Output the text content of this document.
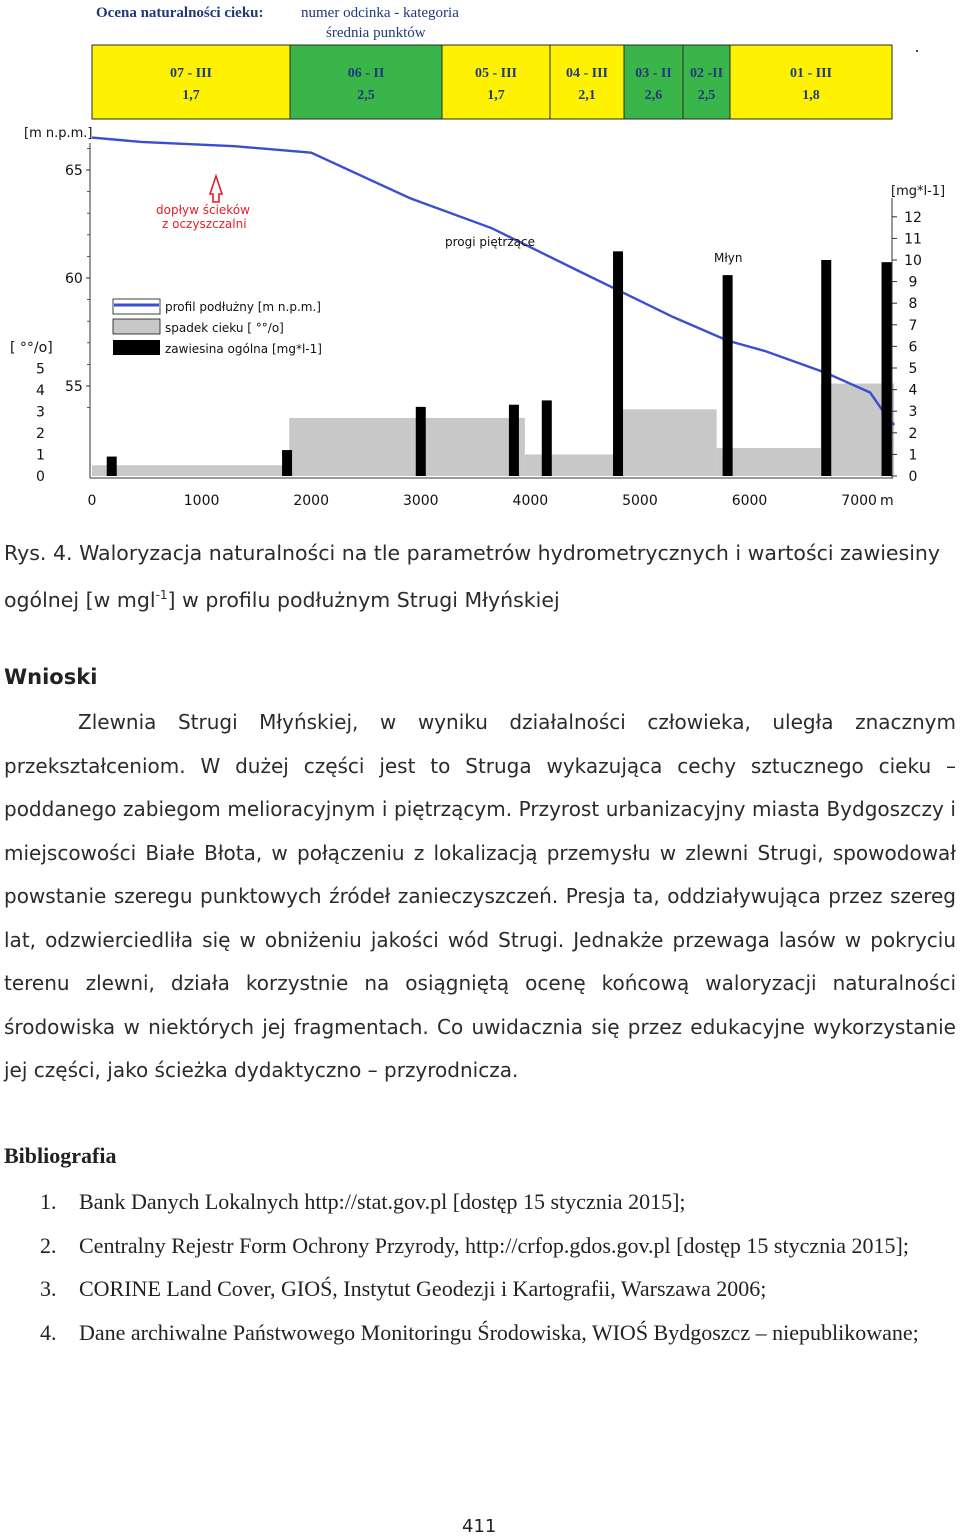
Ocena naturalności cieku:	numer odcinka - kategoria
średnia punktów
07 - III
1,7
06 - II
2,5
05 - III
1,7
04 - III
2,1
03 - II
2,6
02 -II
2,5
01 - III
1,8
0	1000	2000	3000	4000	5000	6000	7000 m
[m n.p.m.]
55
60
65
[ °°/o]
0
1
2
3
4
5
[mg*l-1]
0
1
2
3
4
5
6
7
8
9
10
11
12
dopływ ścieków
z oczyszczalni
progi piętrzące
Młyn
profil podłużny [m n.p.m.]
spadek cieku [ °°/o]
zawiesina ogólna [mg*l-1]

Rys. 4. Waloryzacja naturalności na tle parametrów hydrometrycznych i wartości zawiesiny ogólnej [w mgl$^{-1}$] w profilu podłużnym Strugi Młyńskiej

Wnioski

Zlewnia Strugi Młyńskiej, w wyniku działalności człowieka, uległa znacznym przekształceniom. W dużej części jest to Struga wykazująca cechy sztucznego cieku – poddanego zabiegom melioracyjnym i piętrzącym. Przyrost urbanizacyjny miasta Bydgoszczy i miejscowości Białe Błota, w połączeniu z lokalizacją przemysłu w zlewni Strugi, spowodował powstanie szeregu punktowych źródeł zanieczyszczeń. Presja ta, oddziaływująca przez szereg lat, odzwierciedliła się w obniżeniu jakości wód Strugi. Jednakże przewaga lasów w pokryciu terenu zlewni, działa korzystnie na osiągniętą ocenę końcową waloryzacji naturalności środowiska w niektórych jej fragmentach. Co uwidacznia się przez edukacyjne wykorzystanie jej części, jako ścieżka dydaktyczno – przyrodnicza.

Bibliografia
1. Bank Danych Lokalnych http://stat.gov.pl [dostęp 15 stycznia 2015];
2. Centralny Rejestr Form Ochrony Przyrody, http://crfop.gdos.gov.pl [dostęp 15 stycznia 2015];
3. CORINE Land Cover, GIOŚ, Instytut Geodezji i Kartografii, Warszawa 2006;
4. Dane archiwalne Państwowego Monitoringu Środowiska, WIOŚ Bydgoszcz – niepublikowane;

411
